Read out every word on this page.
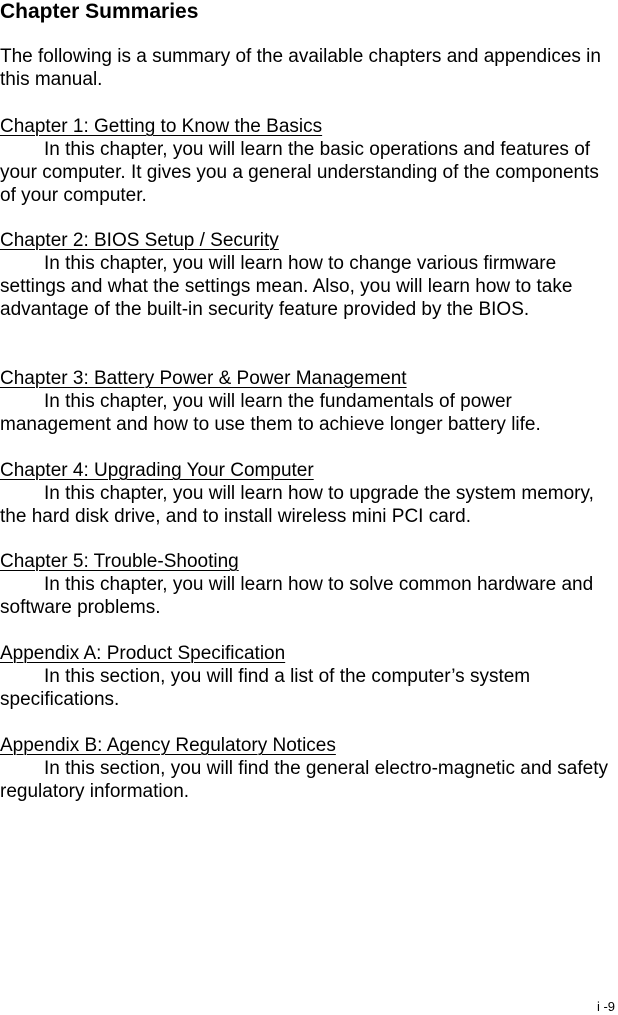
Chapter Summaries

The following is a summary of the available chapters and appendices in this manual.

Chapter 1: Getting to Know the Basics

In this chapter, you will learn the basic operations and features of your computer. It gives you a general understanding of the components of your computer.

Chapter 2: BIOS Setup / Security

In this chapter, you will learn how to change various firmware settings and what the settings mean. Also, you will learn how to take advantage of the built-in security feature provided by the BIOS.

Chapter 3: Battery Power & Power Management

In this chapter, you will learn the fundamentals of power management and how to use them to achieve longer battery life.

Chapter 4: Upgrading Your Computer

In this chapter, you will learn how to upgrade the system memory, the hard disk drive, and to install wireless mini PCI card.

Chapter 5: Trouble-Shooting

In this chapter, you will learn how to solve common hardware and software problems.

Appendix A: Product Specification

In this section, you will find a list of the computer’s system specifications.

Appendix B: Agency Regulatory Notices

In this section, you will find the general electro-magnetic and safety regulatory information.

i -9
